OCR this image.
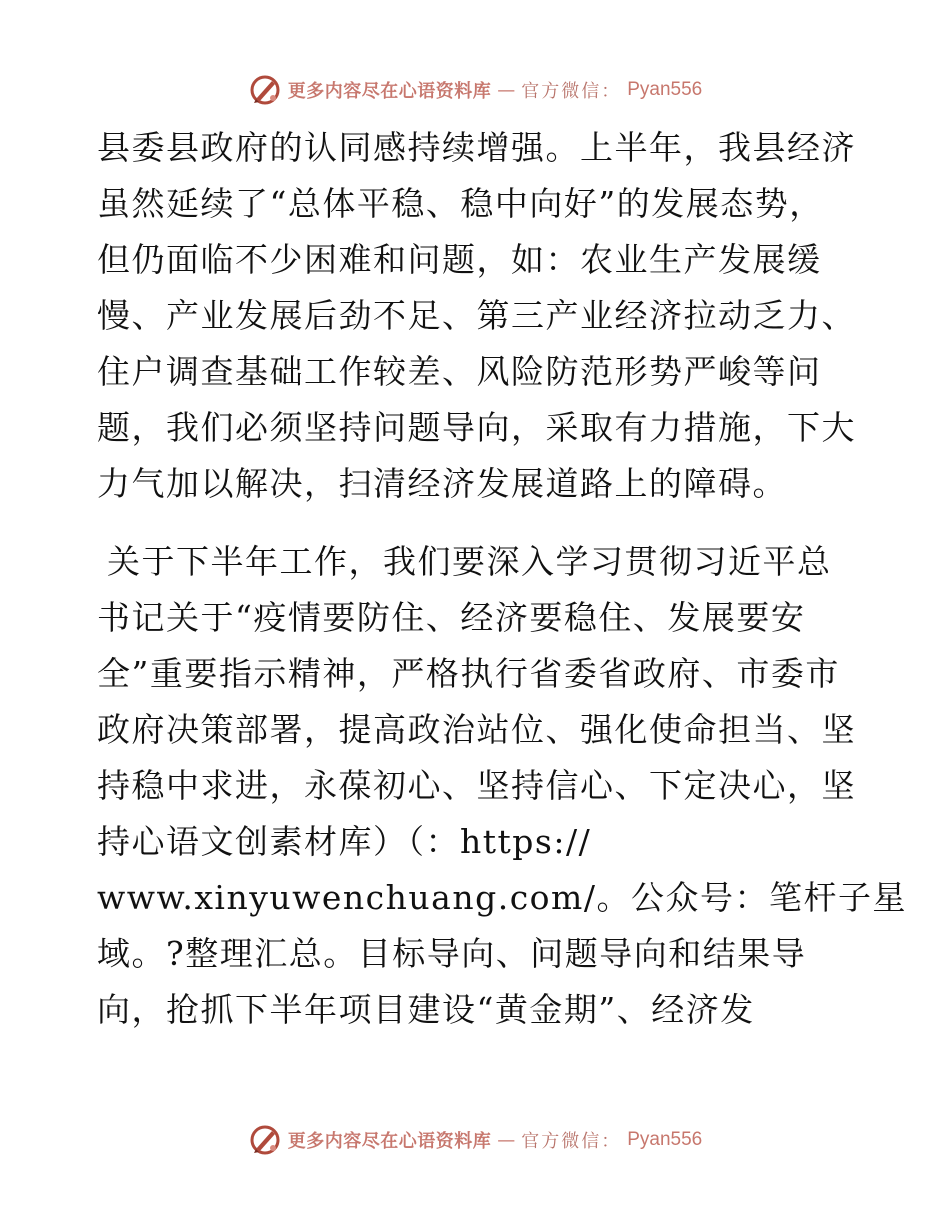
更多内容尽在心语资料库 — 官方微信： Pyan556
县委县政府的认同感持续增强。上半年，我县经济
虽然延续了“总体平稳、稳中向好”的发展态势，
但仍面临不少困难和问题，如：农业生产发展缓
慢、产业发展后劲不足、第三产业经济拉动乏力、
住户调查基础工作较差、风险防范形势严峻等问
题，我们必须坚持问题导向，采取有力措施，下大
力气加以解决，扫清经济发展道路上的障碍。
关于下半年工作，我们要深入学习贯彻习近平总
书记关于“疫情要防住、经济要稳住、发展要安
全”重要指示精神，严格执行省委省政府、市委市
政府决策部署，提高政治站位、强化使命担当、坚
持稳中求进，永葆初心、坚持信心、下定决心，坚
持心语文创素材库）（：https://
www.xinyuwenchuang.com/。公众号：笔杆子星
域。?整理汇总。目标导向、问题导向和结果导
向，抢抓下半年项目建设“黄金期”、经济发
更多内容尽在心语资料库 — 官方微信： Pyan556
